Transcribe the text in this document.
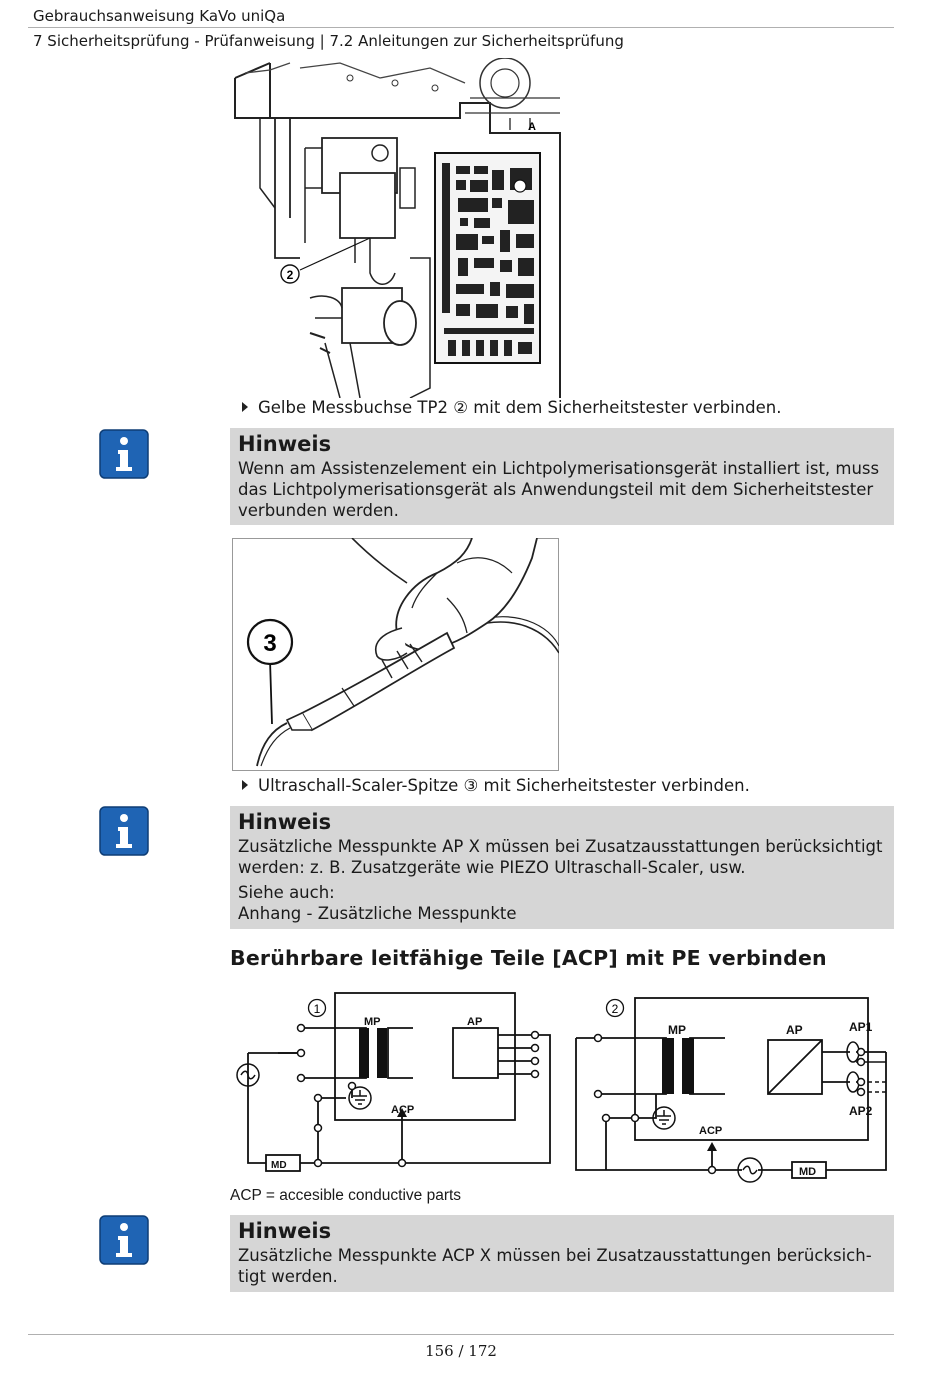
Gebrauchsanweisung KaVo uniQa
7 Sicherheitsprüfung - Prüfanweisung | 7.2 Anleitungen zur Sicherheitsprüfung
2
A
Gelbe Messbuchse TP2 ② mit dem Sicherheitstester verbinden.
Hinweis
Wenn am Assistenzelement ein Lichtpolymerisationsgerät installiert ist, muss das Lichtpolymerisationsgerät als Anwendungsteil mit dem Sicherheitstester verbunden werden.
3
Ultraschall-Scaler-Spitze ③ mit Sicherheitstester verbinden.
Hinweis
Zusätzliche Messpunkte AP X müssen bei Zusatzausstattungen berücksichtigt werden: z. B. Zusatzgeräte wie PIEZO Ultraschall-Scaler, usw.
Siehe auch:
Anhang - Zusätzliche Messpunkte
Berührbare leitfähige Teile [ACP] mit PE verbinden
1	2
MP	AP
ACP
MD
MP	AP	AP1
AP2
ACP
MD
ACP = accesible conductive parts
Hinweis
Zusätzliche Messpunkte ACP X müssen bei Zusatzausstattungen berücksich-tigt werden.
156 / 172
